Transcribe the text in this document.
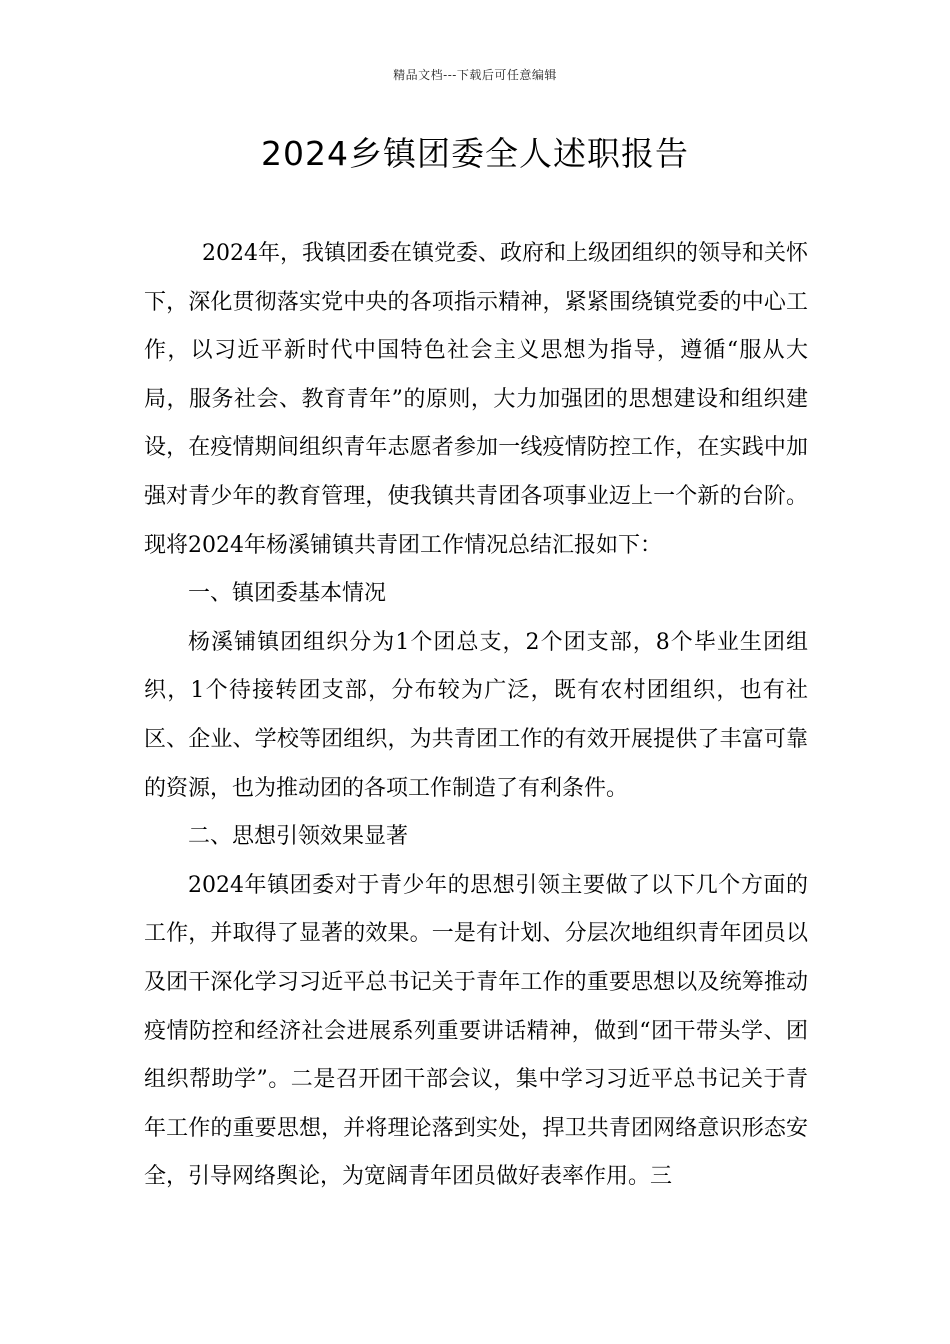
精品文档---下载后可任意编辑
2024乡镇团委全人述职报告

2024年，我镇团委在镇党委、政府和上级团组织的领导和关怀下，深化贯彻落实党中央的各项指示精神，紧紧围绕镇党委的中心工作，以习近平新时代中国特色社会主义思想为指导，遵循“服从大局，服务社会、教育青年”的原则，大力加强团的思想建设和组织建设，在疫情期间组织青年志愿者参加一线疫情防控工作，在实践中加强对青少年的教育管理，使我镇共青团各项事业迈上一个新的台阶。现将2024年杨溪铺镇共青团工作情况总结汇报如下：

一、镇团委基本情况

杨溪铺镇团组织分为1个团总支，2个团支部，8个毕业生团组织，1个待接转团支部，分布较为广泛，既有农村团组织，也有社区、企业、学校等团组织，为共青团工作的有效开展提供了丰富可靠的资源，也为推动团的各项工作制造了有利条件。

二、思想引领效果显著

2024年镇团委对于青少年的思想引领主要做了以下几个方面的工作，并取得了显著的效果。一是有计划、分层次地组织青年团员以及团干深化学习习近平总书记关于青年工作的重要思想以及统筹推动疫情防控和经济社会进展系列重要讲话精神，做到“团干带头学、团组织帮助学”。二是召开团干部会议，集中学习习近平总书记关于青年工作的重要思想，并将理论落到实处，捍卫共青团网络意识形态安全，引导网络舆论，为宽阔青年团员做好表率作用。三
